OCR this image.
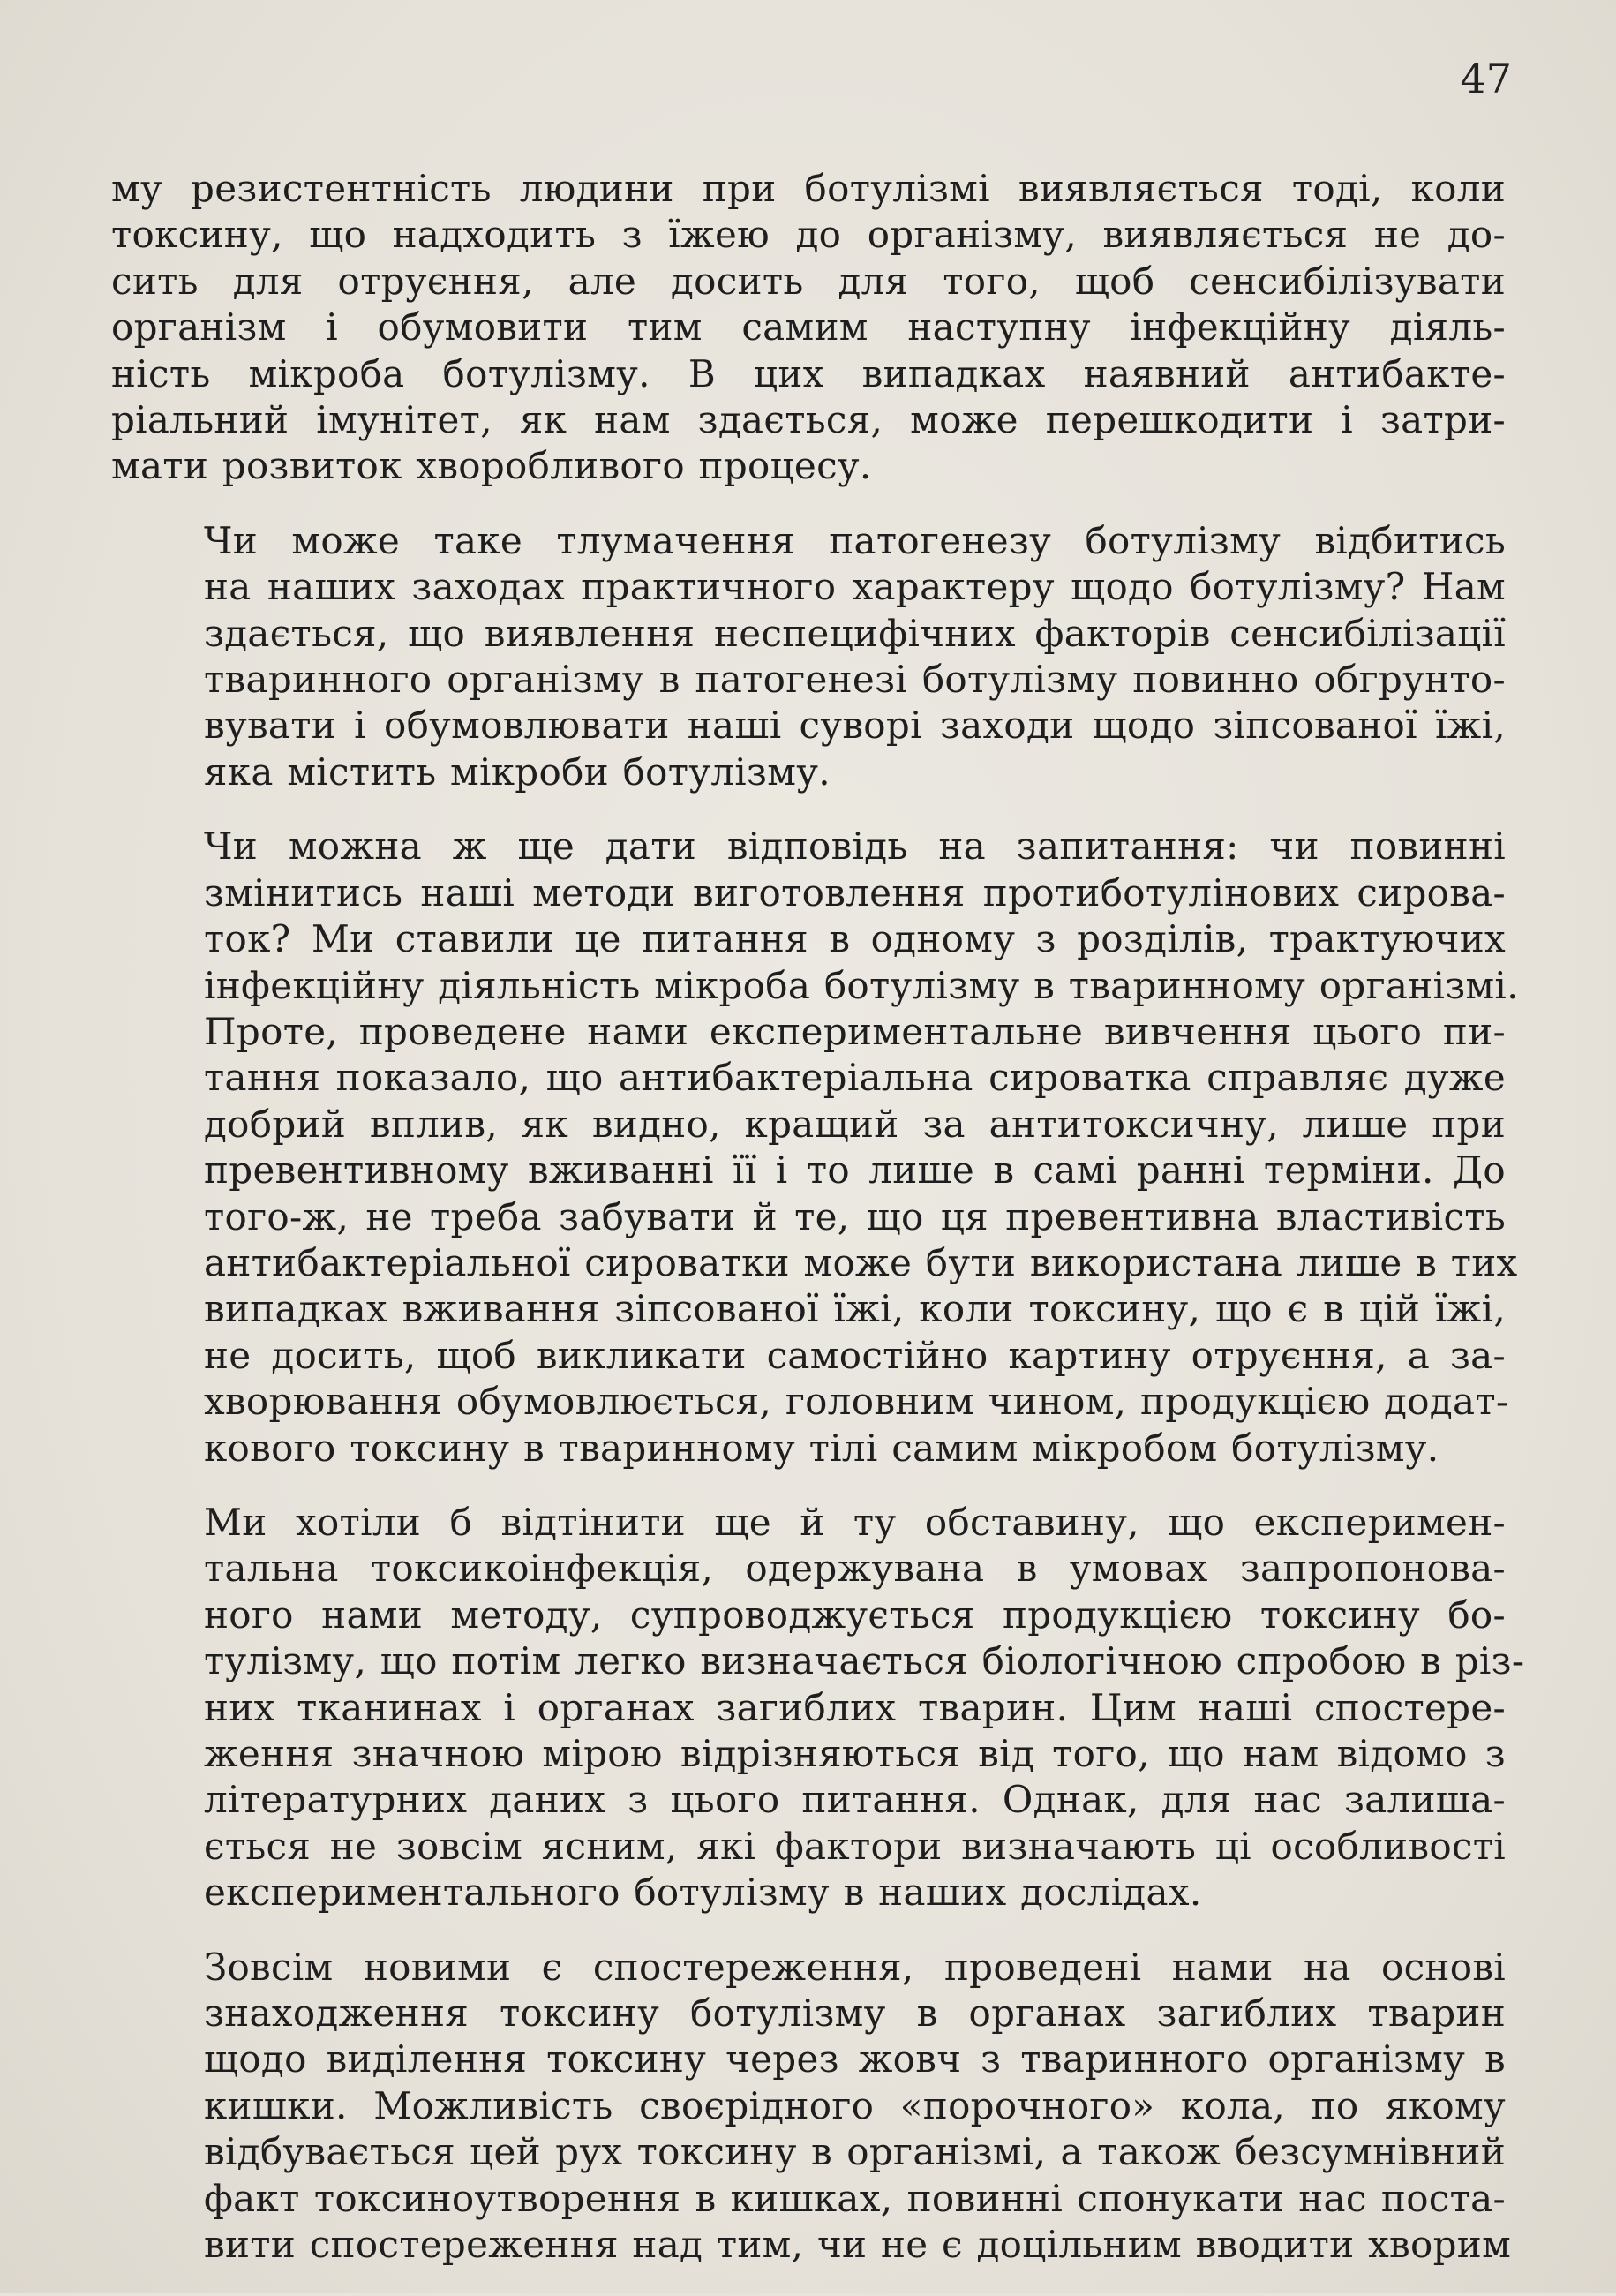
47
му резистентність людини при ботулізмі виявляється тоді, коли
токсину, що надходить з їжею до організму, виявляється не до-
сить для отруєння, але досить для того, щоб сенсибілізувати
організм і обумовити тим самим наступну інфекційну діяль-
ність мікроба ботулізму. В цих випадках наявний антибакте-
ріальний імунітет, як нам здається, може перешкодити і затри-
мати розвиток хворобливого процесу.
Чи може таке тлумачення патогенезу ботулізму відбитись
на наших заходах практичного характеру щодо ботулізму? Нам
здається, що виявлення неспецифічних факторів сенсибілізації
тваринного організму в патогенезі ботулізму повинно обгрунто-
вувати і обумовлювати наші суворі заходи щодо зіпсованої їжі,
яка містить мікроби ботулізму.
Чи можна ж ще дати відповідь на запитання: чи повинні
змінитись наші методи виготовлення протиботулінових сирова-
ток? Ми ставили це питання в одному з розділів, трактуючих
інфекційну діяльність мікроба ботулізму в тваринному організмі.
Проте, проведене нами експериментальне вивчення цього пи-
тання показало, що антибактеріальна сироватка справляє дуже
добрий вплив, як видно, кращий за антитоксичну, лише при
превентивному вживанні її і то лише в самі ранні терміни. До
того-ж, не треба забувати й те, що ця превентивна властивість
антибактеріальної сироватки може бути використана лише в тих
випадках вживання зіпсованої їжі, коли токсину, що є в цій їжі,
не досить, щоб викликати самостійно картину отруєння, а за-
хворювання обумовлюється, головним чином, продукцією додат-
кового токсину в тваринному тілі самим мікробом ботулізму.
Ми хотіли б відтінити ще й ту обставину, що експеримен-
тальна токсикоінфекція, одержувана в умовах запропонова-
ного нами методу, супроводжується продукцією токсину бо-
тулізму, що потім легко визначається біологічною спробою в різ-
них тканинах і органах загиблих тварин. Цим наші спостере-
ження значною мірою відрізняються від того, що нам відомо з
літературних даних з цього питання. Однак, для нас залиша-
ється не зовсім ясним, які фактори визначають ці особливості
експериментального ботулізму в наших дослідах.
Зовсім новими є спостереження, проведені нами на основі
знаходження токсину ботулізму в органах загиблих тварин
щодо виділення токсину через жовч з тваринного організму в
кишки. Можливість своєрідного «порочного» кола, по якому
відбувається цей рух токсину в організмі, а також безсумнівний
факт токсиноутворення в кишках, повинні спонукати нас поста-
вити спостереження над тим, чи не є доцільним вводити хворим
